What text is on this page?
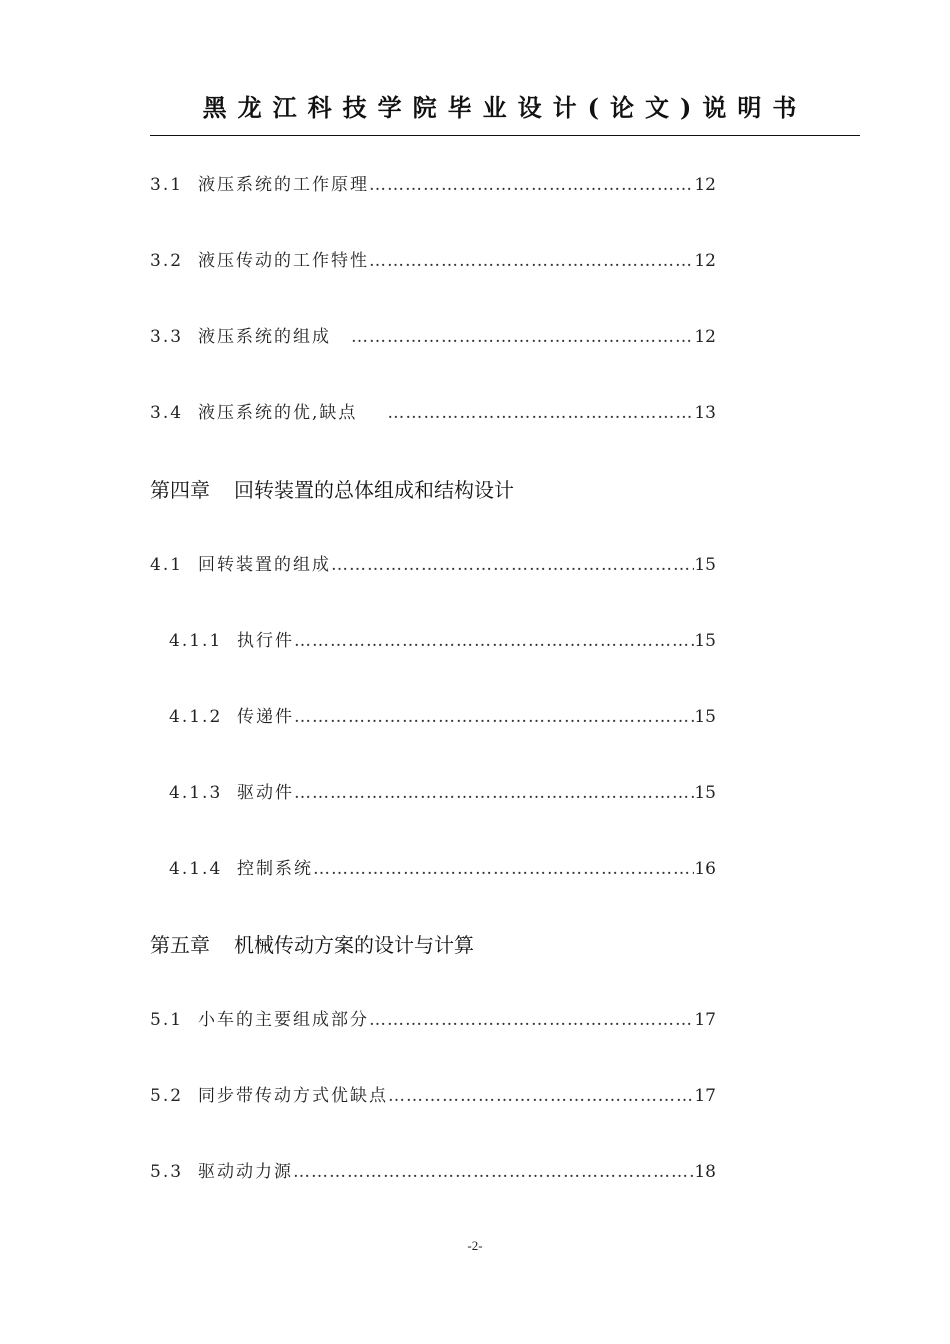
黑龙江科技学院毕业设计(论文)说明书
3.1 液压系统的工作原理 …………………………………………………………………………………………………………………………………	12
3.2 液压传动的工作特性 …………………………………………………………………………………………………………………………………	12
3.3 液压系统的组成 …………………………………………………………………………………………………………………………………	12
3.4 液压系统的优,缺点 …………………………………………………………………………………………………………………………………	13
第四章 回转装置的总体组成和结构设计
4.1 回转装置的组成 …………………………………………………………………………………………………………………………………	15
4.1.1 执行件 …………………………………………………………………………………………………………………………………	15
4.1.2 传递件 …………………………………………………………………………………………………………………………………	15
4.1.3 驱动件 …………………………………………………………………………………………………………………………………	15
4.1.4 控制系统 …………………………………………………………………………………………………………………………………	16
第五章 机械传动方案的设计与计算
5.1 小车的主要组成部分 …………………………………………………………………………………………………………………………………	17
5.2 同步带传动方式优缺点 …………………………………………………………………………………………………………………………………	17
5.3 驱动动力源 …………………………………………………………………………………………………………………………………	18
-2-
